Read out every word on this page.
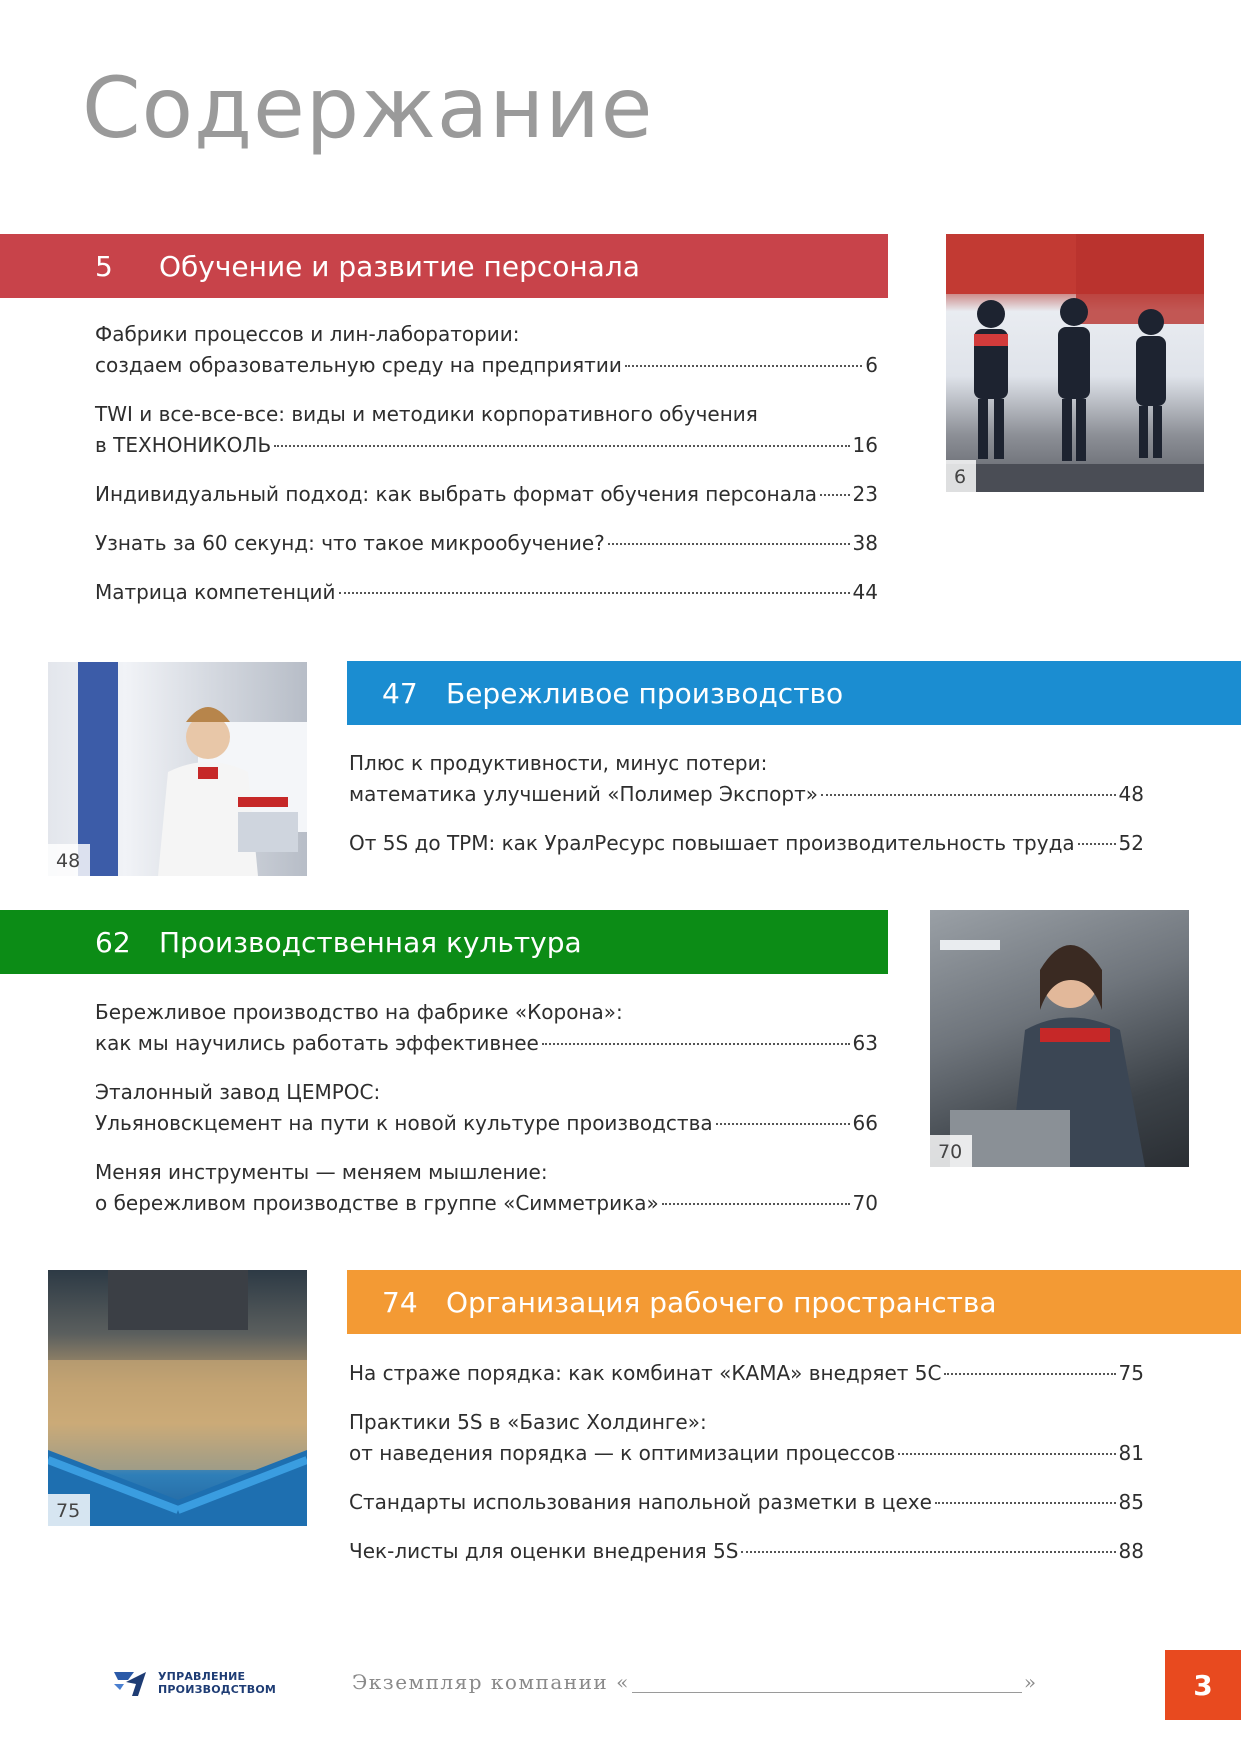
Содержание
5	Обучение и развитие персонала
Фабрики процессов и лин-лаборатории:
создаем образовательную среду на предприятии	6
TWI и все-все-все: виды и методики корпоративного обучения
в ТЕХНОНИКОЛЬ	16
Индивидуальный подход: как выбрать формат обучения персонала 23
Узнать за 60 секунд: что такое микрообучение?	38
Матрица компетенций	44
6
48
47	Бережливое производство
Плюс к продуктивности, минус потери:
математика улучшений «Полимер Экспорт»	48
От 5S до ТРМ: как УралРесурс повышает производительность труда 52
62	Производственная культура
Бережливое производство на фабрике «Корона»:
как мы научились работать эффективнее	63
Эталонный завод ЦЕМРОС:
Ульяновскцемент на пути к новой культуре производства	66
Меняя инструменты — меняем мышление:
о бережливом производстве в группе «Симметрика»	70
70
75
74	Организация рабочего пространства
На страже порядка: как комбинат «КАМА» внедряет 5С	75
Практики 5S в «Базис Холдинге»:
от наведения порядка — к оптимизации процессов	81
Стандарты использования напольной разметки в цехе	85
Чек-листы для оценки внедрения 5S	88
УПРАВЛЕНИЕ
ПРОИЗВОДСТВОМ	Экземпляр компании «	»	3
